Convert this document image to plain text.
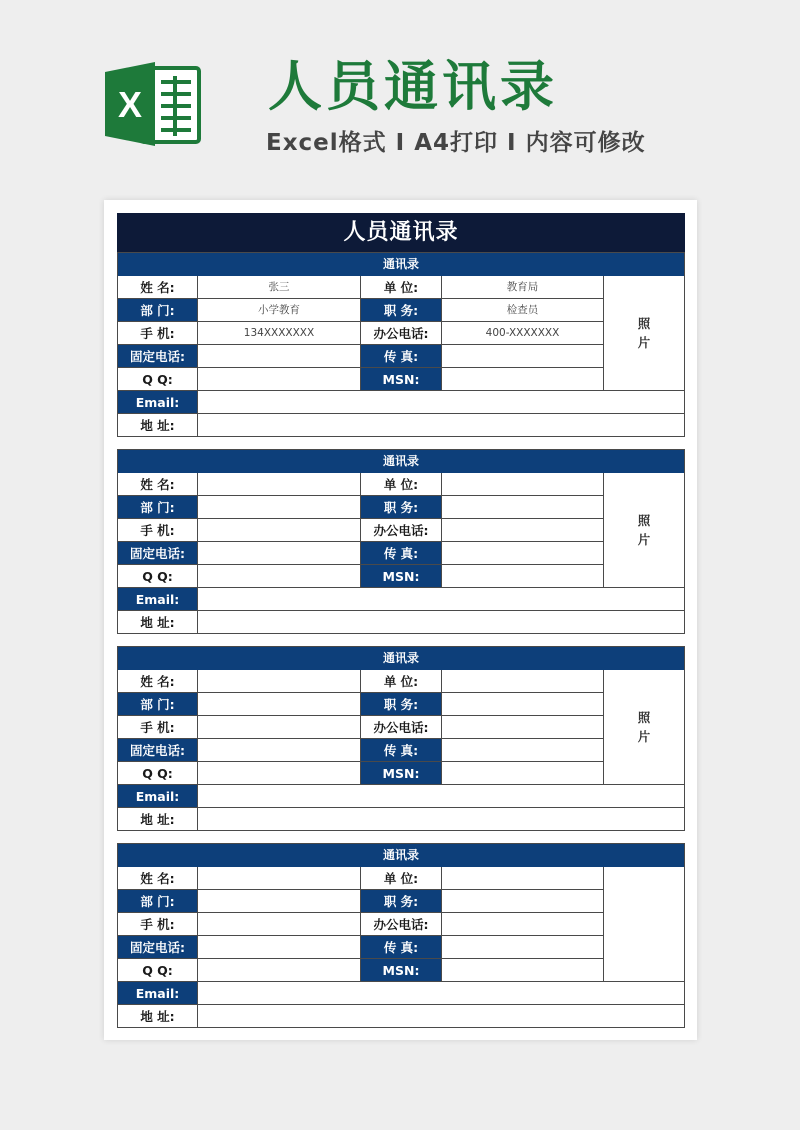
X 人员通讯录
Excel格式 I A4打印 I 内容可修改
人员通讯录
通讯录
姓 名:	张三	单 位:	教育局
部 门:	小学教育	职 务:	检查员
手 机:	134XXXXXXX	办公电话:	400-XXXXXXX
固定电话:	传 真:
Q Q:	MSN:
照片
Email:
地 址:
通讯录
姓 名:	单 位:
部 门:	职 务:
手 机:	办公电话:
固定电话:	传 真:
Q Q:	MSN:
照片
Email:
地 址:
通讯录
姓 名:	单 位:
部 门:	职 务:
手 机:	办公电话:
固定电话:	传 真:
Q Q:	MSN:
照片
Email:
地 址:
通讯录
姓 名:	单 位:
部 门:	职 务:
手 机:	办公电话:
固定电话:	传 真:
Q Q:	MSN:
Email:
地 址:
